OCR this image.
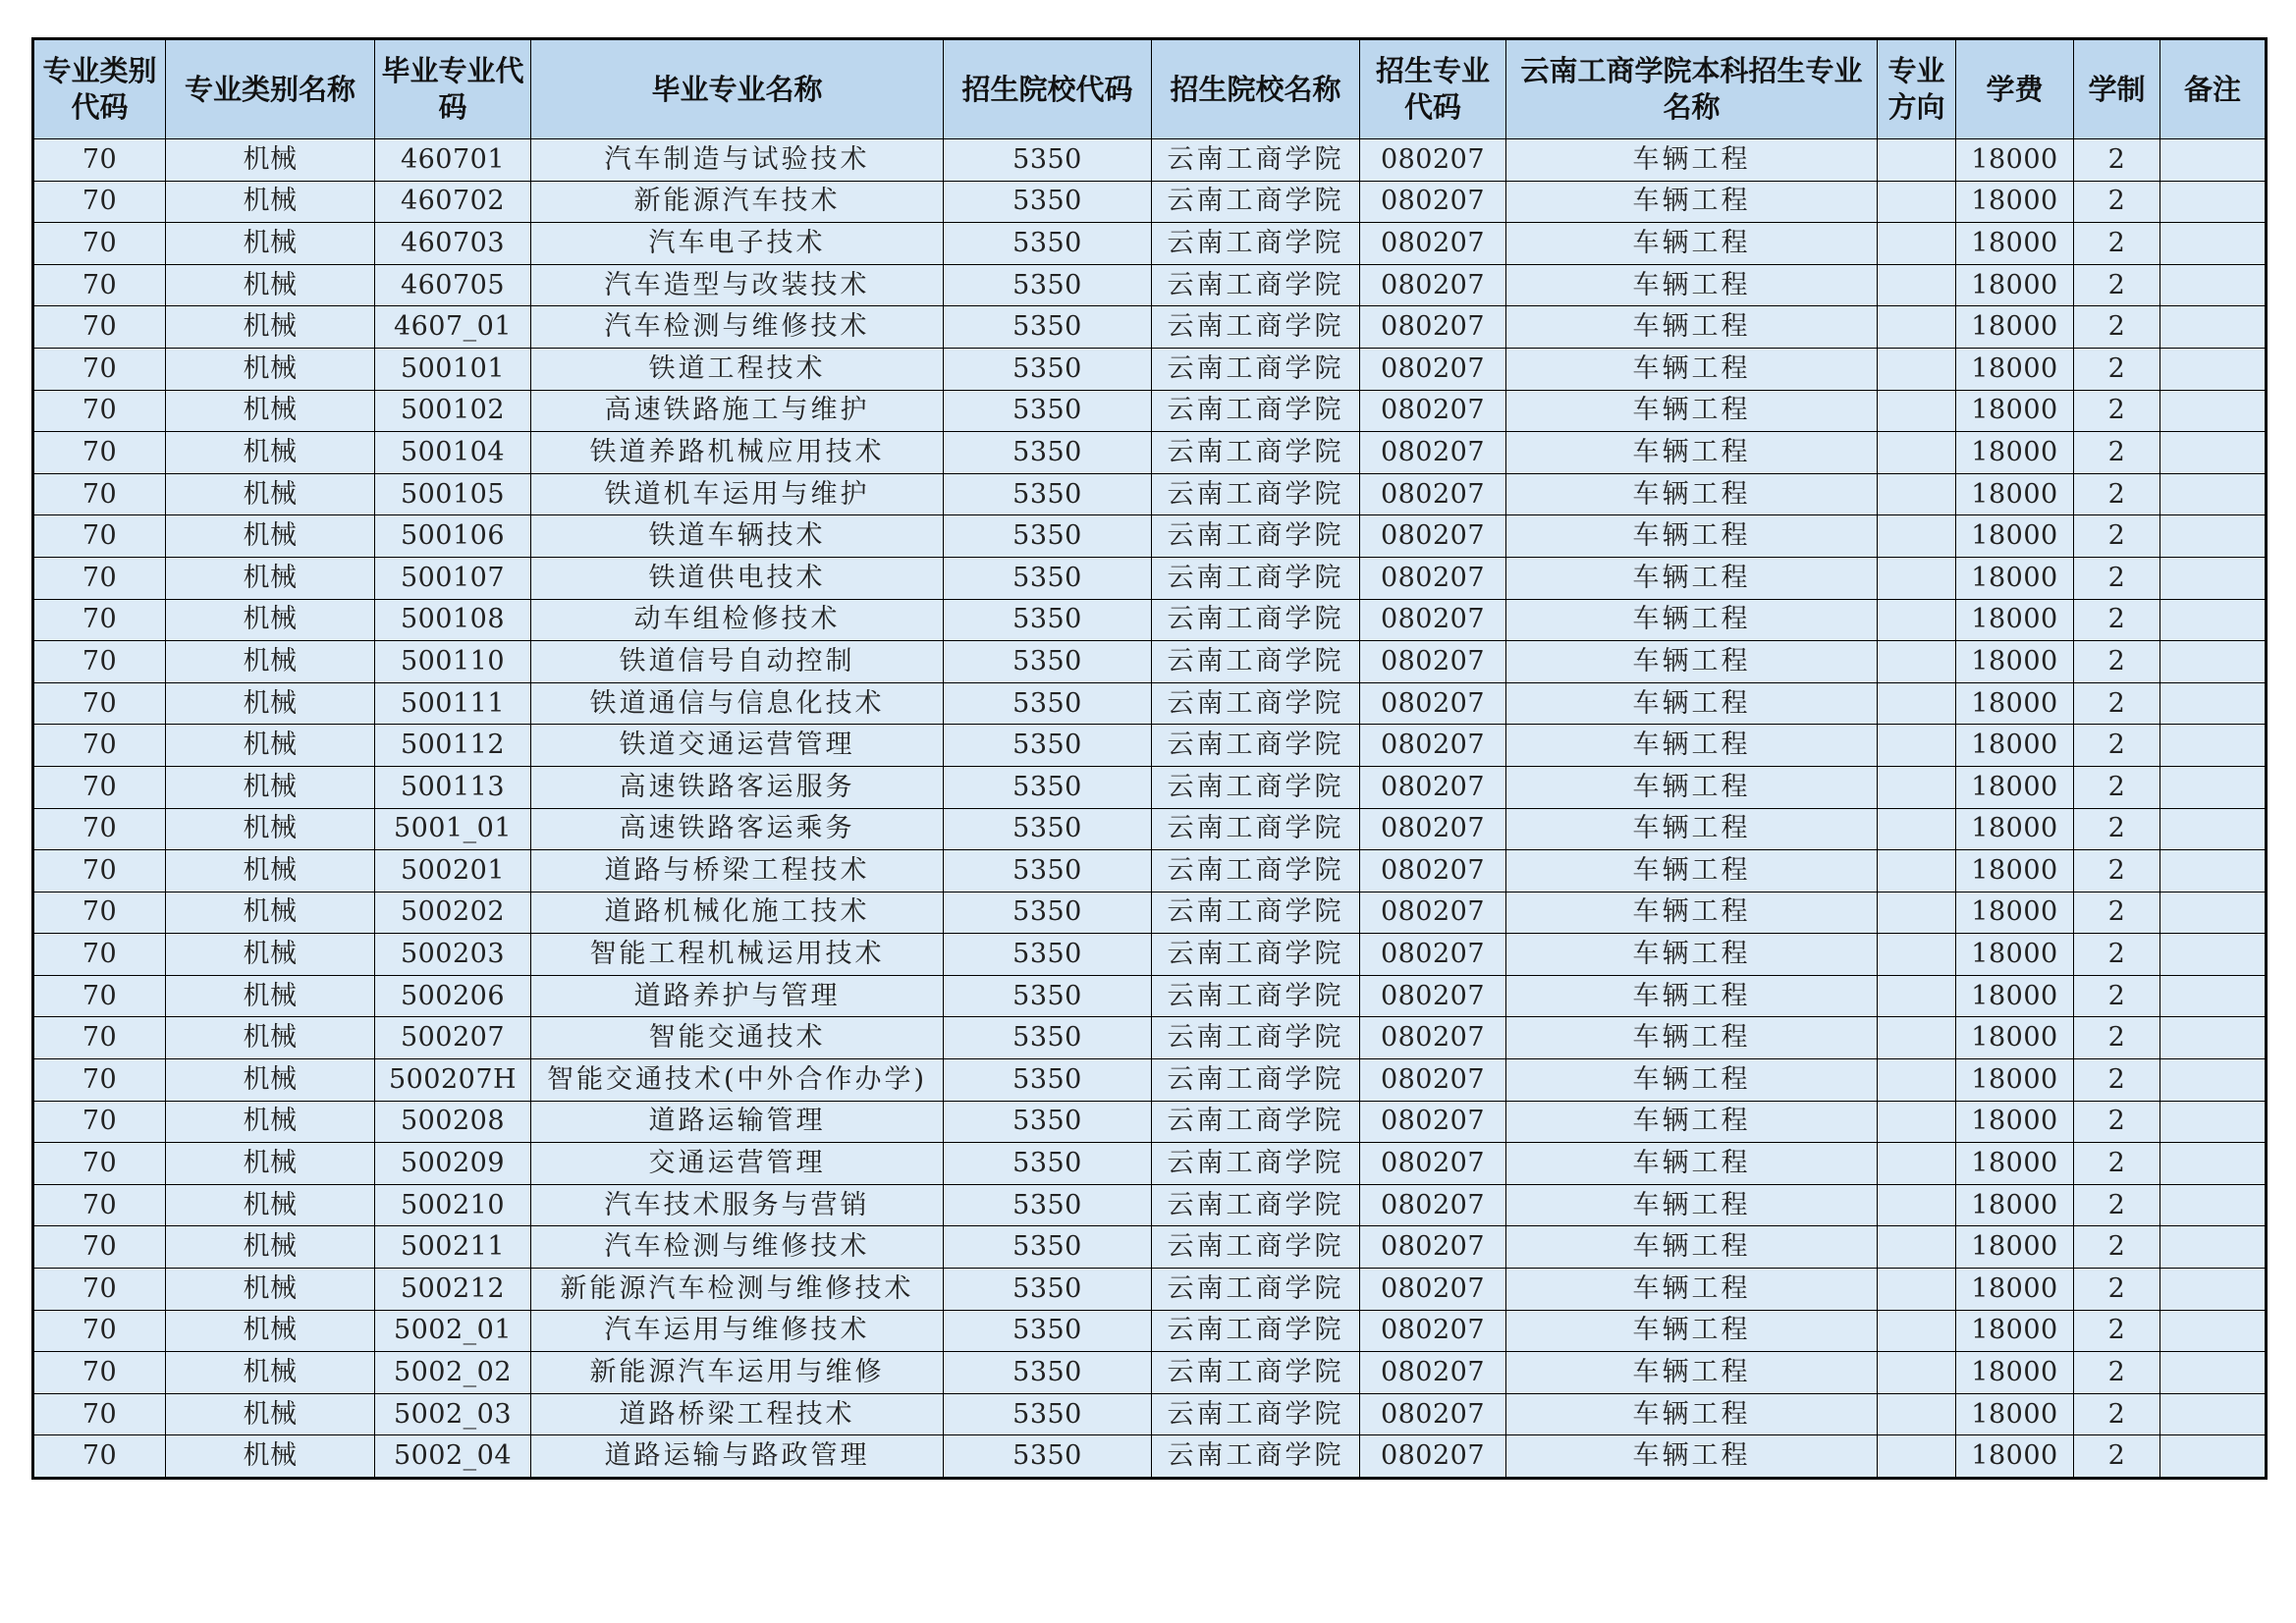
专业类别代码	专业类别名称	毕业专业代码	毕业专业名称	招生院校代码	招生院校名称	招生专业代码	云南工商学院本科招生专业名称	专业方向	学费	学制	备注
70	机械	460701	汽车制造与试验技术	5350	云南工商学院	080207	车辆工程		18000	2	
70	机械	460702	新能源汽车技术	5350	云南工商学院	080207	车辆工程		18000	2	
70	机械	460703	汽车电子技术	5350	云南工商学院	080207	车辆工程		18000	2	
70	机械	460705	汽车造型与改装技术	5350	云南工商学院	080207	车辆工程		18000	2	
70	机械	4607_01	汽车检测与维修技术	5350	云南工商学院	080207	车辆工程		18000	2	
70	机械	500101	铁道工程技术	5350	云南工商学院	080207	车辆工程		18000	2	
70	机械	500102	高速铁路施工与维护	5350	云南工商学院	080207	车辆工程		18000	2	
70	机械	500104	铁道养路机械应用技术	5350	云南工商学院	080207	车辆工程		18000	2	
70	机械	500105	铁道机车运用与维护	5350	云南工商学院	080207	车辆工程		18000	2	
70	机械	500106	铁道车辆技术	5350	云南工商学院	080207	车辆工程		18000	2	
70	机械	500107	铁道供电技术	5350	云南工商学院	080207	车辆工程		18000	2	
70	机械	500108	动车组检修技术	5350	云南工商学院	080207	车辆工程		18000	2	
70	机械	500110	铁道信号自动控制	5350	云南工商学院	080207	车辆工程		18000	2	
70	机械	500111	铁道通信与信息化技术	5350	云南工商学院	080207	车辆工程		18000	2	
70	机械	500112	铁道交通运营管理	5350	云南工商学院	080207	车辆工程		18000	2	
70	机械	500113	高速铁路客运服务	5350	云南工商学院	080207	车辆工程		18000	2	
70	机械	5001_01	高速铁路客运乘务	5350	云南工商学院	080207	车辆工程		18000	2	
70	机械	500201	道路与桥梁工程技术	5350	云南工商学院	080207	车辆工程		18000	2	
70	机械	500202	道路机械化施工技术	5350	云南工商学院	080207	车辆工程		18000	2	
70	机械	500203	智能工程机械运用技术	5350	云南工商学院	080207	车辆工程		18000	2	
70	机械	500206	道路养护与管理	5350	云南工商学院	080207	车辆工程		18000	2	
70	机械	500207	智能交通技术	5350	云南工商学院	080207	车辆工程		18000	2	
70	机械	500207H	智能交通技术(中外合作办学)	5350	云南工商学院	080207	车辆工程		18000	2	
70	机械	500208	道路运输管理	5350	云南工商学院	080207	车辆工程		18000	2	
70	机械	500209	交通运营管理	5350	云南工商学院	080207	车辆工程		18000	2	
70	机械	500210	汽车技术服务与营销	5350	云南工商学院	080207	车辆工程		18000	2	
70	机械	500211	汽车检测与维修技术	5350	云南工商学院	080207	车辆工程		18000	2	
70	机械	500212	新能源汽车检测与维修技术	5350	云南工商学院	080207	车辆工程		18000	2	
70	机械	5002_01	汽车运用与维修技术	5350	云南工商学院	080207	车辆工程		18000	2	
70	机械	5002_02	新能源汽车运用与维修	5350	云南工商学院	080207	车辆工程		18000	2	
70	机械	5002_03	道路桥梁工程技术	5350	云南工商学院	080207	车辆工程		18000	2	
70	机械	5002_04	道路运输与路政管理	5350	云南工商学院	080207	车辆工程		18000	2	
